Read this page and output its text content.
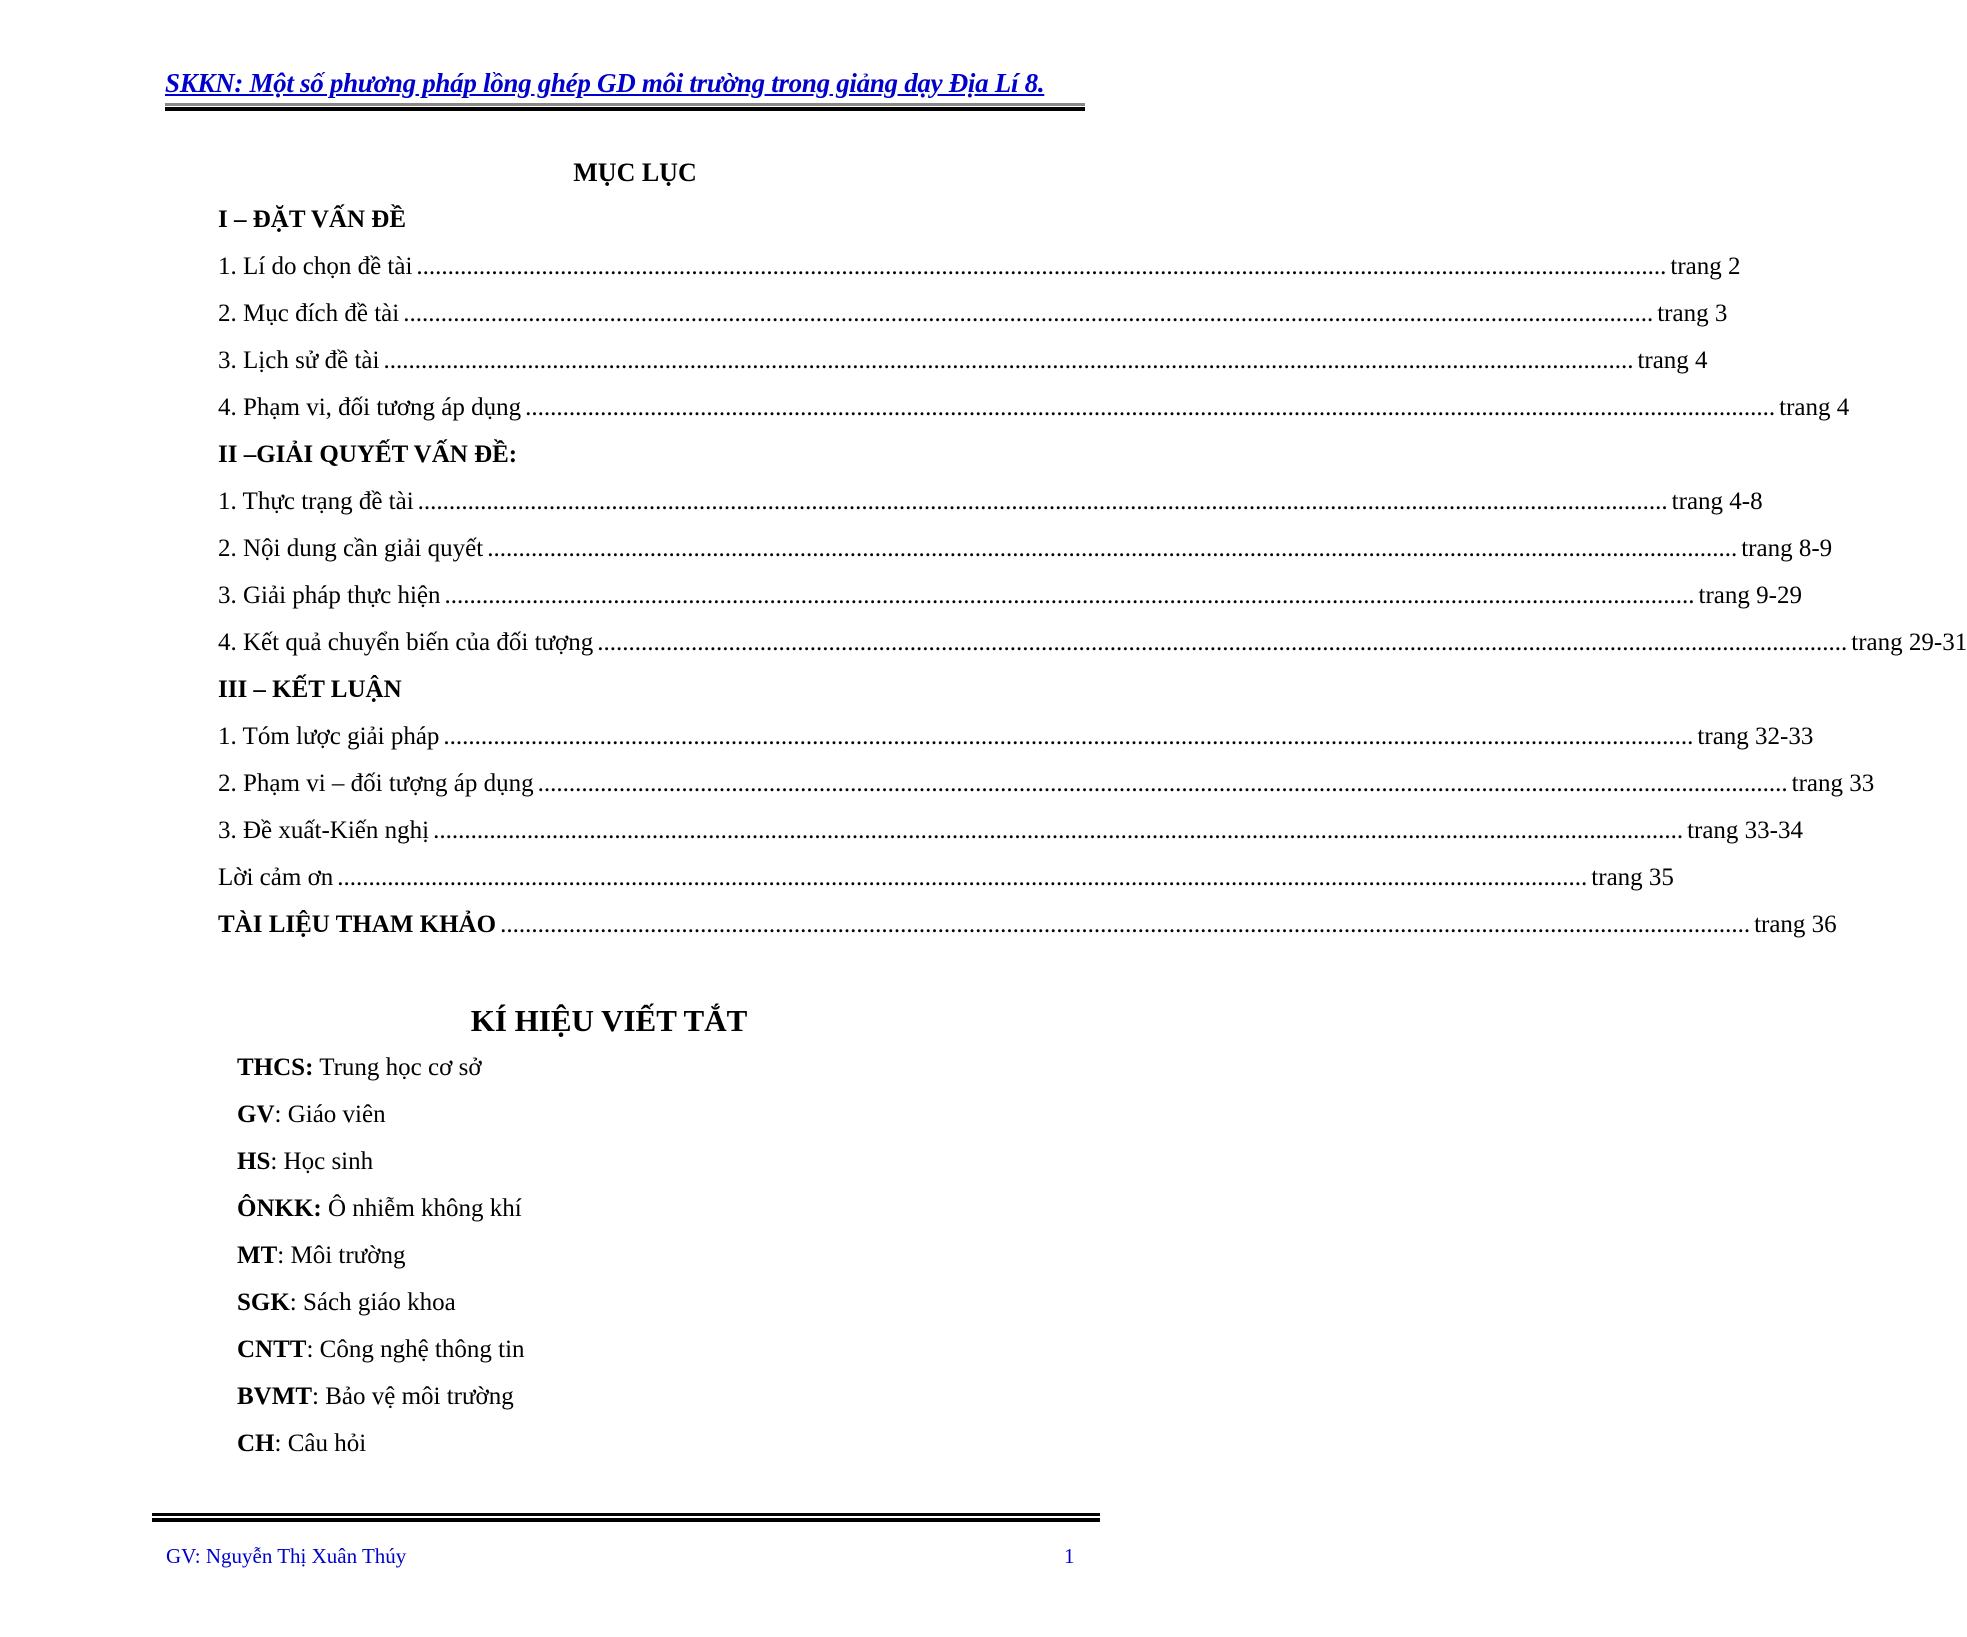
SKKN: Một số phương pháp lồng ghép GD môi trường trong giảng dạy Địa Lí 8.
MỤC LỤC
I – ĐẶT VẤN ĐỀ
1. Lí do chọn đề tài ........................................................................................................................................................................................................ trang 2
2. Mục đích đề tài ........................................................................................................................................................................................................ trang 3
3. Lịch sử đề tài ........................................................................................................................................................................................................ trang 4
4. Phạm vi, đối tương áp dụng ........................................................................................................................................................................................................ trang 4
II –GIẢI QUYẾT VẤN ĐỀ:
1. Thực trạng đề tài ........................................................................................................................................................................................................ trang 4-8
2. Nội dung cần giải quyết ........................................................................................................................................................................................................ trang 8-9
3. Giải pháp thực hiện ........................................................................................................................................................................................................ trang 9-29
4. Kết quả chuyển biến của đối tượng ........................................................................................................................................................................................................ trang 29-31
III – KẾT LUẬN
1. Tóm lược giải pháp ........................................................................................................................................................................................................ trang 32-33
2. Phạm vi – đối tượng áp dụng ........................................................................................................................................................................................................ trang 33
3. Đề xuất-Kiến nghị ........................................................................................................................................................................................................ trang 33-34
Lời cảm ơn ........................................................................................................................................................................................................ trang 35
TÀI LIỆU THAM KHẢO ........................................................................................................................................................................................................ trang 36
KÍ HIỆU VIẾT TẮT
THCS: Trung học cơ sở
GV: Giáo viên
HS: Học sinh
ÔNKK: Ô nhiễm không khí
MT: Môi trường
SGK: Sách giáo khoa
CNTT: Công nghệ thông tin
BVMT: Bảo vệ môi trường
CH: Câu hỏi
GV: Nguyễn Thị Xuân Thúy	1
